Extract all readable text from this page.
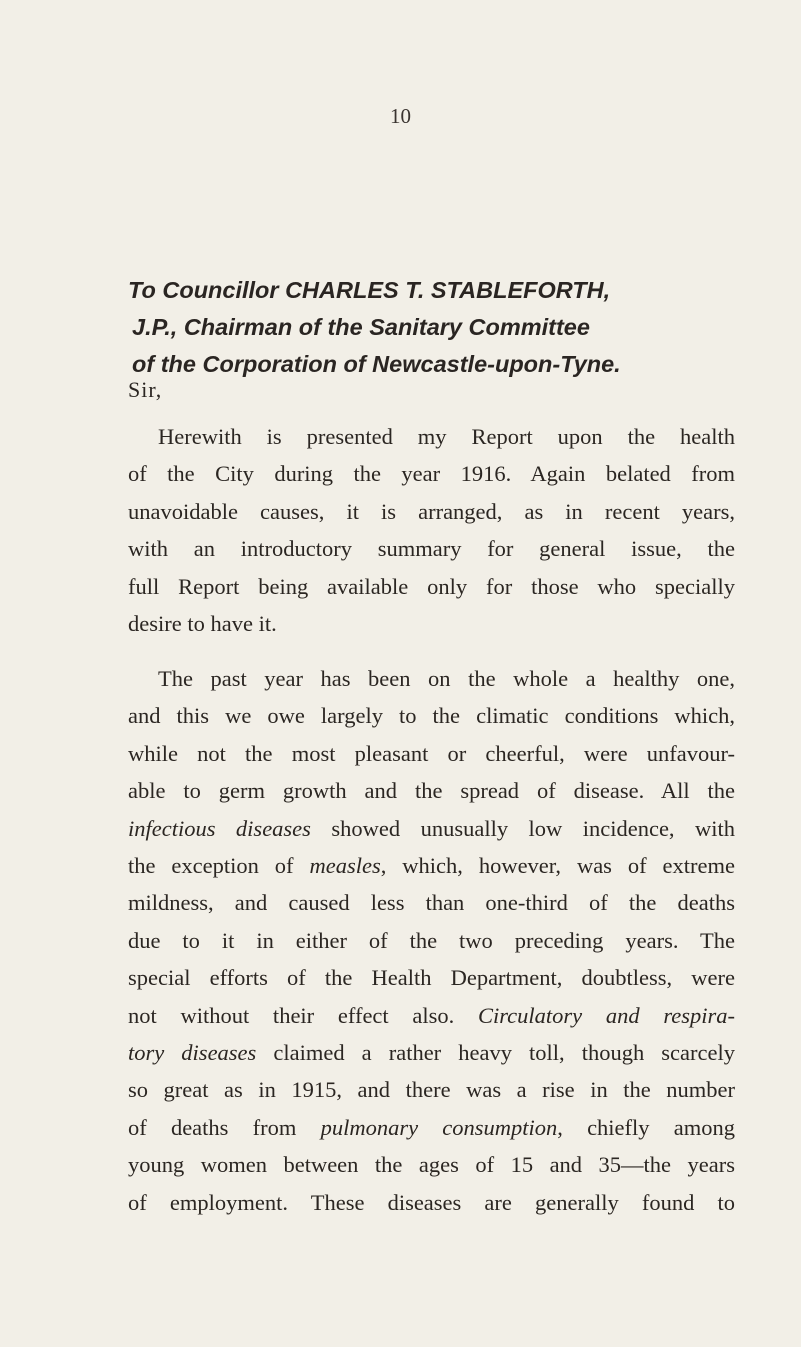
10
To Councillor CHARLES T. STABLEFORTH,
J.P., Chairman of the Sanitary Committee
of the Corporation of Newcastle-upon-Tyne.
Sir,
Herewith is presented my Report upon the health
of the City during the year 1916. Again belated from
unavoidable causes, it is arranged, as in recent years,
with an introductory summary for general issue, the
full Report being available only for those who specially
desire to have it.
The past year has been on the whole a healthy one,
and this we owe largely to the climatic conditions which,
while not the most pleasant or cheerful, were unfavour-
able to germ growth and the spread of disease. All the
infectious diseases showed unusually low incidence, with
the exception of measles, which, however, was of extreme
mildness, and caused less than one-third of the deaths
due to it in either of the two preceding years. The
special efforts of the Health Department, doubtless, were
not without their effect also. Circulatory and respira-
tory diseases claimed a rather heavy toll, though scarcely
so great as in 1915, and there was a rise in the number
of deaths from pulmonary consumption, chiefly among
young women between the ages of 15 and 35—the years
of employment. These diseases are generally found to
